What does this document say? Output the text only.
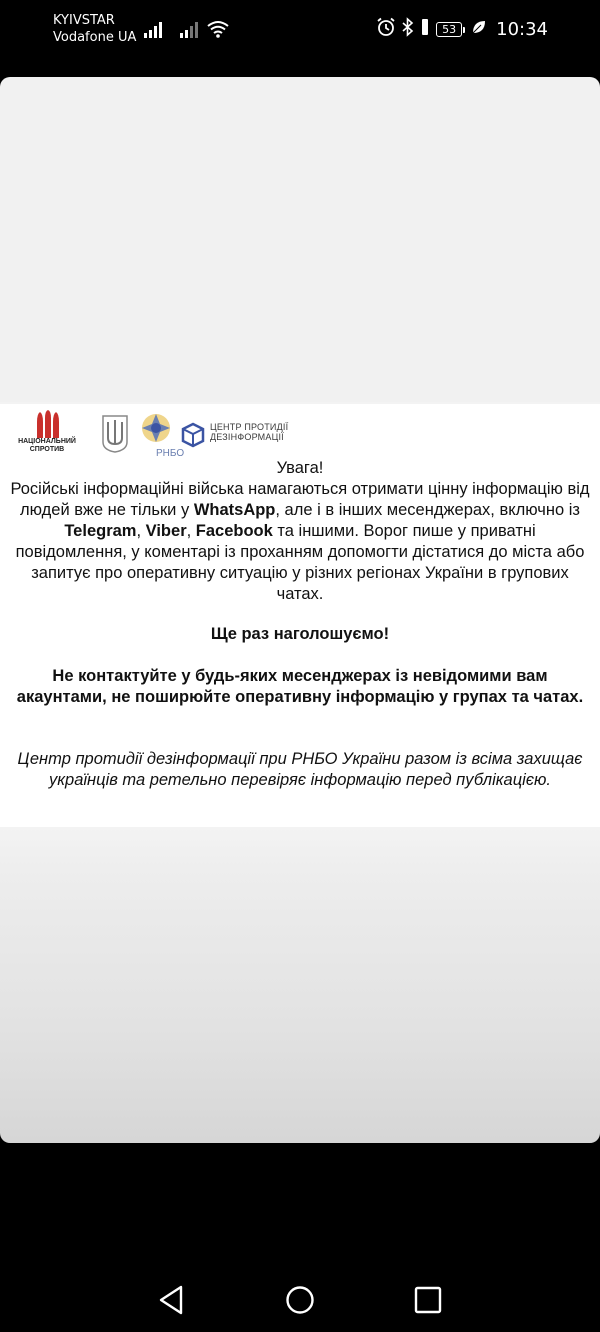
KYIVSTAR
Vodafone UA
53	10:34
НАЦІОНАЛЬНИЙ СПРОТИВ	РНБО
ЦЕНТР ПРОТИДІЇ
ДЕЗІНФОРМАЦІЇ
Увага!
Російські інформаційні війська намагаються отримати цінну інформацію від людей вже не тільки у WhatsApp, але і в інших месенджерах, включно із Telegram, Viber, Facebook та іншими. Ворог пише у приватні повідомлення, у коментарі із проханням допомогти дістатися до міста або запитує про оперативну ситуацію у різних регіонах України в групових чатах.
Ще раз наголошуємо!
Не контактуйте у будь-яких месенджерах із невідомими вам акаунтами, не поширюйте оперативну інформацію у групах та чатах.
Центр протидії дезінформації при РНБО України разом із всіма захищає українців та ретельно перевіряє інформацію перед публікацією.
